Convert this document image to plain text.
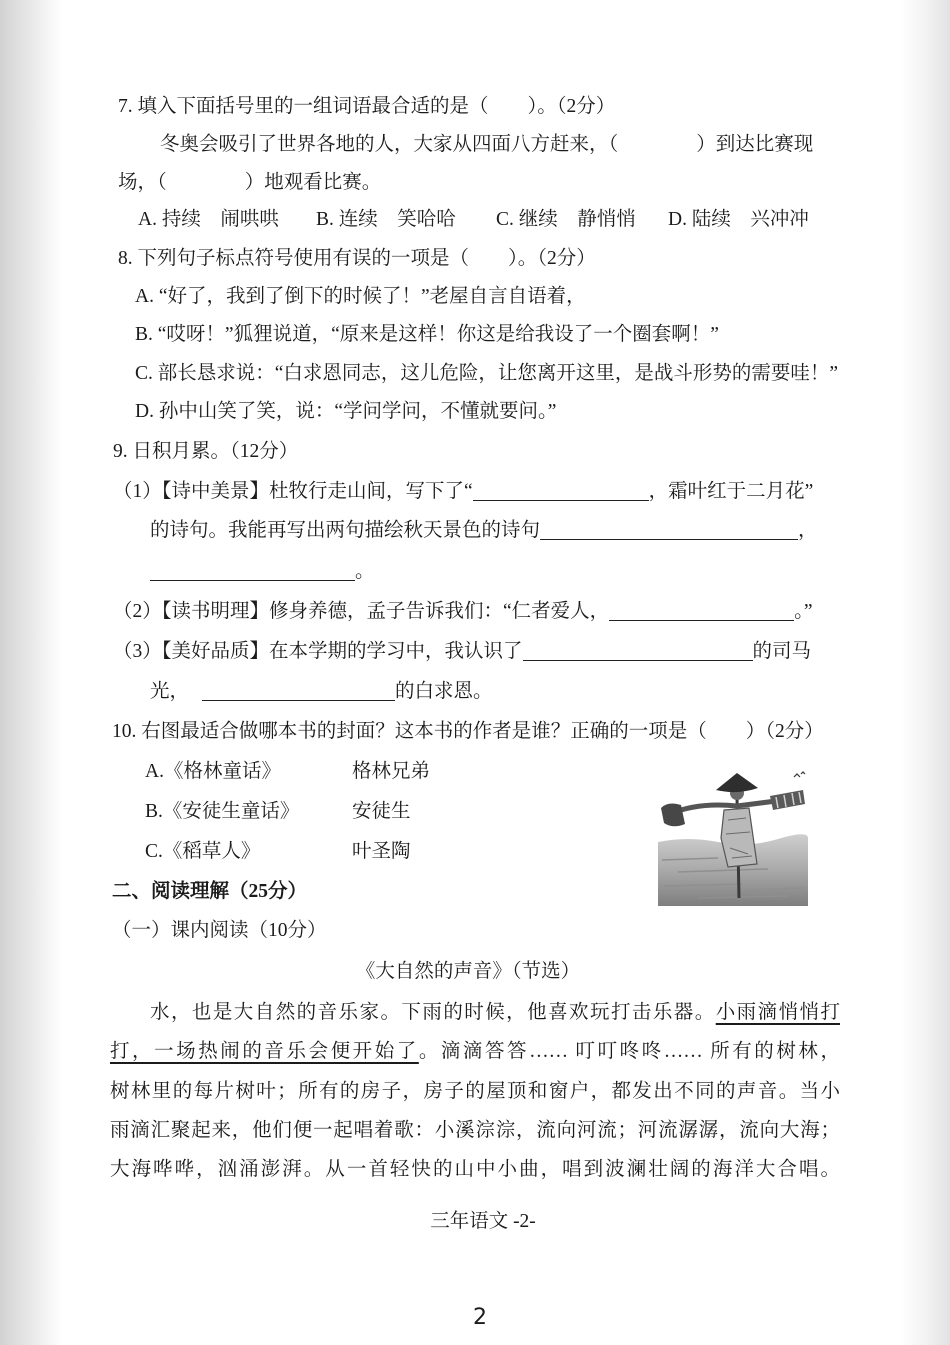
7. 填入下面括号里的一组词语最合适的是（　　）。（2分）
冬奥会吸引了世界各地的人，大家从四面八方赶来，（　　　　）到达比赛现
场，（　　　　）地观看比赛。
A. 持续　闹哄哄 B. 连续　笑哈哈 C. 继续　静悄悄 D. 陆续　兴冲冲
8. 下列句子标点符号使用有误的一项是（　　）。（2分）
A. “好了，我到了倒下的时候了！”老屋自言自语着，
B. “哎呀！”狐狸说道，“原来是这样！你这是给我设了一个圈套啊！”
C. 部长恳求说：“白求恩同志，这儿危险，让您离开这里，是战斗形势的需要哇！”
D. 孙中山笑了笑，说：“学问学问，不懂就要问。”
9. 日积月累。（12分）
（1）【诗中美景】杜牧行走山间，写下了“	，霜叶红于二月花”
的诗句。我能再写出两句描绘秋天景色的诗句	，
。
（2）【读书明理】修身养德，孟子告诉我们：“仁者爱人，	。”
（3）【美好品质】在本学期的学习中，我认识了	的司马
光，	的白求恩。
10. 右图最适合做哪本书的封面？这本书的作者是谁？正确的一项是（　　）（2分）
A.《格林童话》	格林兄弟
B.《安徒生童话》	安徒生
C.《稻草人》	叶圣陶
二、阅读理解（25分）
（一）课内阅读（10分）
《大自然的声音》（节选）
水，也是大自然的音乐家。下雨的时候，他喜欢玩打击乐器。小雨滴悄悄打
打，一场热闹的音乐会便开始了。滴滴答答…… 叮叮咚咚…… 所有的树林，
树林里的每片树叶；所有的房子，房子的屋顶和窗户，都发出不同的声音。当小
雨滴汇聚起来，他们便一起唱着歌：小溪淙淙，流向河流；河流潺潺，流向大海；
大海哗哗，汹涌澎湃。从一首轻快的山中小曲，唱到波澜壮阔的海洋大合唱。
三年语文 -2-
2
